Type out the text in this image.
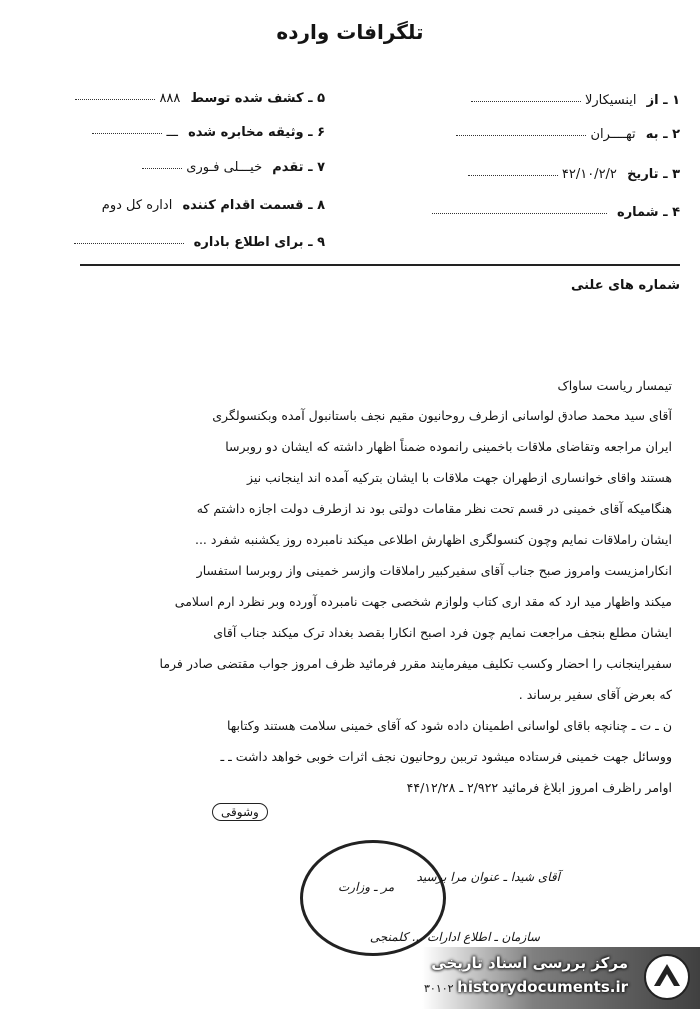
تلگرافات وارده
۱ ـ از اینسیکارلا
۲ ـ به تهــــران
۳ ـ تاریخ ۴۲/۱۰/۲/۲
۴ ـ شماره
۵ ـ کشف شده توسط ۸۸۸
۶ ـ وثیقه مخابره شده ـــ
۷ ـ تقدم خیـــلی فـوری
۸ ـ قسمت اقدام کننده اداره کل دوم
۹ ـ برای اطلاع باداره
شماره های علنی
تیمسار ریاست ساواک
آقای سید محمد صادق لواسانی ازطرف روحانیون مقیم نجف باستانبول آمده وبکنسولگری
ایران مراجعه وتقاضای ملاقات باخمینی رانموده ضمناً اظهار داشته که ایشان دو روبرسا
هستند واقای خوانساری ازطهران جهت ملاقات با ایشان بترکیه آمده اند اینجانب نیز
هنگامیکه آقای خمینی در قسم تحت نظر مقامات دولتی بود ند ازطرف دولت اجازه داشتم که
ایشان راملاقات نمایم وچون کنسولگری اظهارش اطلاعی میکند نامبرده روز یکشنبه شفرد ...
انکارامزیست وامروز صبح جناب آقای سفیرکبیر راملاقات وازسر خمینی واز روبرسا استفسار
میکند واظهار مید ارد که مقد اری کتاب ولوازم شخصی جهت نامبرده آورده وبر نظرد ارم اسلامی
ایشان مطلع بنجف مراجعت نمایم چون فرد اصبح انکارا بقصد بغداد ترک میکند جناب آقای
سفیراینجانب را احضار وکسب تکلیف میفرمایند مقرر فرمائید ظرف امروز جواب مقتضی صادر فرما
که بعرض آقای سفیر برساند .
ن ـ ت ـ چنانچه باقای لواسانی اطمینان داده شود که آقای خمینی سلامت هستند وکتابها
ووسائل جهت خمینی فرستاده میشود ترببن روحانیون نجف اثرات خوبی خواهد داشت ـ ـ
اوامر راظرف امروز ابلاغ فرمائید ۲/۹۲۲ ـ ۴۴/۱۲/۲۸
وشوقی
مر ـ وزارت
آقای شیدا ـ عنوان مرا برسید
سازمان ـ اطلاع ادارات ... کلمنجی
مرکز بررسی اسناد تاریخی
historydocuments.ir
۳۰۱۰۲
